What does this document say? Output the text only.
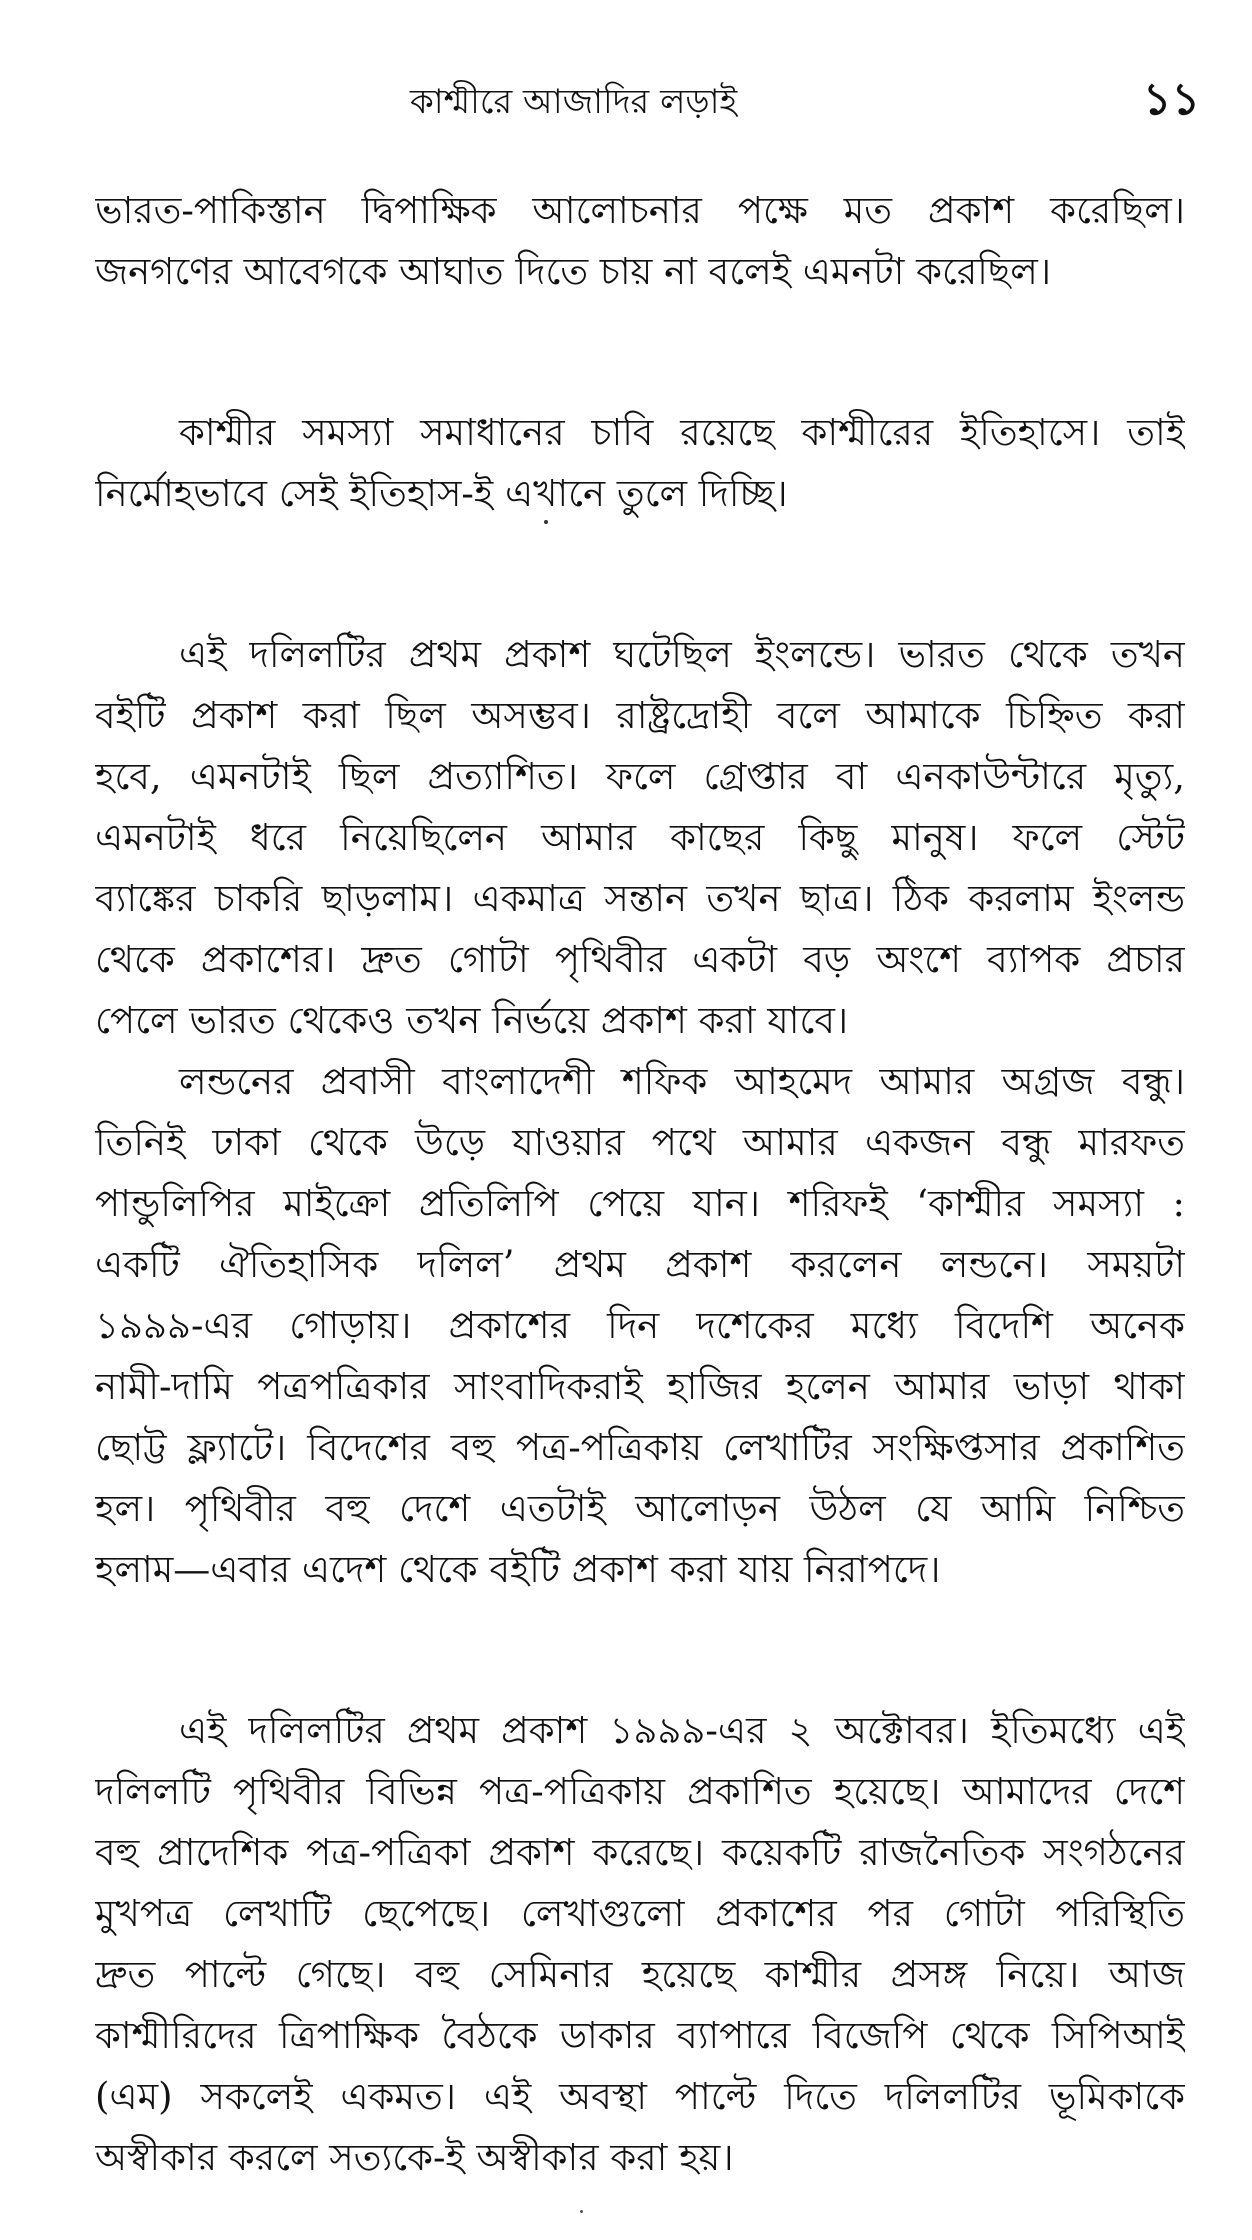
কাশ্মীরে আজাদির লড়াই	১১
ভারত-পাকিস্তান দ্বিপাক্ষিক আলোচনার পক্ষে মত প্রকাশ করেছিল।
জনগণের আবেগকে আঘাত দিতে চায় না বলেই এমনটা করেছিল।
কাশ্মীর সমস্যা সমাধানের চাবি রয়েছে কাশ্মীরের ইতিহাসে। তাই
নির্মোহভাবে সেই ইতিহাস-ই এখানে তুলে দিচ্ছি।
এই দলিলটির প্রথম প্রকাশ ঘটেছিল ইংলন্ডে। ভারত থেকে তখন
বইটি প্রকাশ করা ছিল অসম্ভব। রাষ্ট্রদ্রোহী বলে আমাকে চিহ্নিত করা
হবে, এমনটাই ছিল প্রত্যাশিত। ফলে গ্রেপ্তার বা এনকাউন্টারে মৃত্যু,
এমনটাই ধরে নিয়েছিলেন আমার কাছের কিছু মানুষ। ফলে স্টেট
ব্যাঙ্কের চাকরি ছাড়লাম। একমাত্র সন্তান তখন ছাত্র। ঠিক করলাম ইংলন্ড
থেকে প্রকাশের। দ্রুত গোটা পৃথিবীর একটা বড় অংশে ব্যাপক প্রচার
পেলে ভারত থেকেও তখন নির্ভয়ে প্রকাশ করা যাবে।
লন্ডনের প্রবাসী বাংলাদেশী শফিক আহমেদ আমার অগ্রজ বন্ধু।
তিনিই ঢাকা থেকে উড়ে যাওয়ার পথে আমার একজন বন্ধু মারফত
পান্ডুলিপির মাইক্রো প্রতিলিপি পেয়ে যান। শরিফই ‘কাশ্মীর সমস্যা :
একটি ঐতিহাসিক দলিল’ প্রথম প্রকাশ করলেন লন্ডনে। সময়টা
১৯৯৯-এর গোড়ায়। প্রকাশের দিন দশেকের মধ্যে বিদেশি অনেক
নামী-দামি পত্রপত্রিকার সাংবাদিকরাই হাজির হলেন আমার ভাড়া থাকা
ছোট্ট ফ্ল্যাটে। বিদেশের বহু পত্র-পত্রিকায় লেখাটির সংক্ষিপ্তসার প্রকাশিত
হল। পৃথিবীর বহু দেশে এতটাই আলোড়ন উঠল যে আমি নিশ্চিত
হলাম—এবার এদেশ থেকে বইটি প্রকাশ করা যায় নিরাপদে।
এই দলিলটির প্রথম প্রকাশ ১৯৯৯-এর ২ অক্টোবর। ইতিমধ্যে এই
দলিলটি পৃথিবীর বিভিন্ন পত্র-পত্রিকায় প্রকাশিত হয়েছে। আমাদের দেশে
বহু প্রাদেশিক পত্র-পত্রিকা প্রকাশ করেছে। কয়েকটি রাজনৈতিক সংগঠনের
মুখপত্র লেখাটি ছেপেছে। লেখাগুলো প্রকাশের পর গোটা পরিস্থিতি
দ্রুত পাল্টে গেছে। বহু সেমিনার হয়েছে কাশ্মীর প্রসঙ্গ নিয়ে। আজ
কাশ্মীরিদের ত্রিপাক্ষিক বৈঠকে ডাকার ব্যাপারে বিজেপি থেকে সিপিআই
(এম) সকলেই একমত। এই অবস্থা পাল্টে দিতে দলিলটির ভূমিকাকে
অস্বীকার করলে সত্যকে-ই অস্বীকার করা হয়।
